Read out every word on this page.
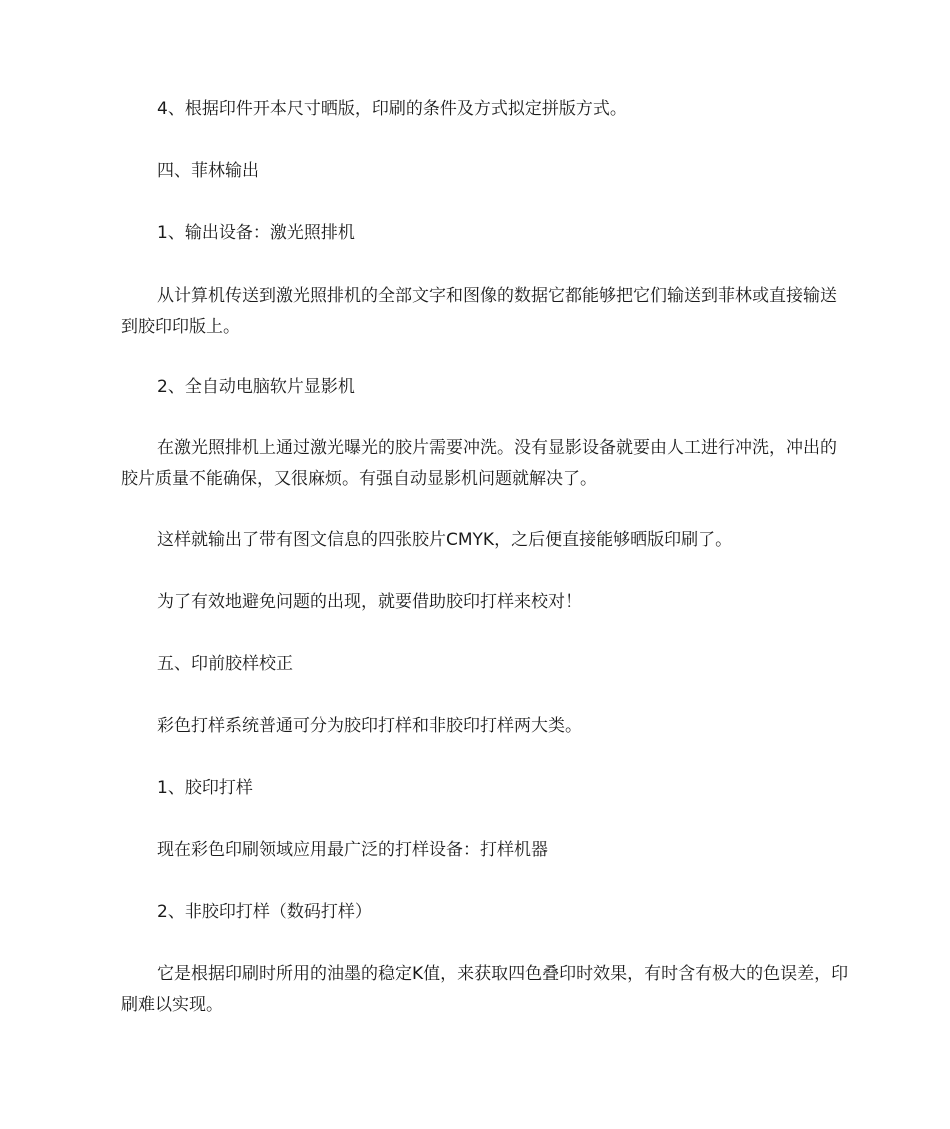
4、根据印件开本尺寸晒版，印刷的条件及方式拟定拼版方式。

四、菲林输出

1、输出设备：激光照排机

从计算机传送到激光照排机的全部文字和图像的数据它都能够把它们输送到菲林或直接输送到胶印印版上。

2、全自动电脑软片显影机

在激光照排机上通过激光曝光的胶片需要冲洗。没有显影设备就要由人工进行冲洗，冲出的胶片质量不能确保，又很麻烦。有强自动显影机问题就解决了。

这样就输出了带有图文信息的四张胶片CMYK，之后便直接能够晒版印刷了。

为了有效地避免问题的出现，就要借助胶印打样来校对！

五、印前胶样校正

彩色打样系统普通可分为胶印打样和非胶印打样两大类。

1、胶印打样

现在彩色印刷领域应用最广泛的打样设备：打样机器

2、非胶印打样（数码打样）

它是根据印刷时所用的油墨的稳定K值，来获取四色叠印时效果，有时含有极大的色误差，印刷难以实现。
